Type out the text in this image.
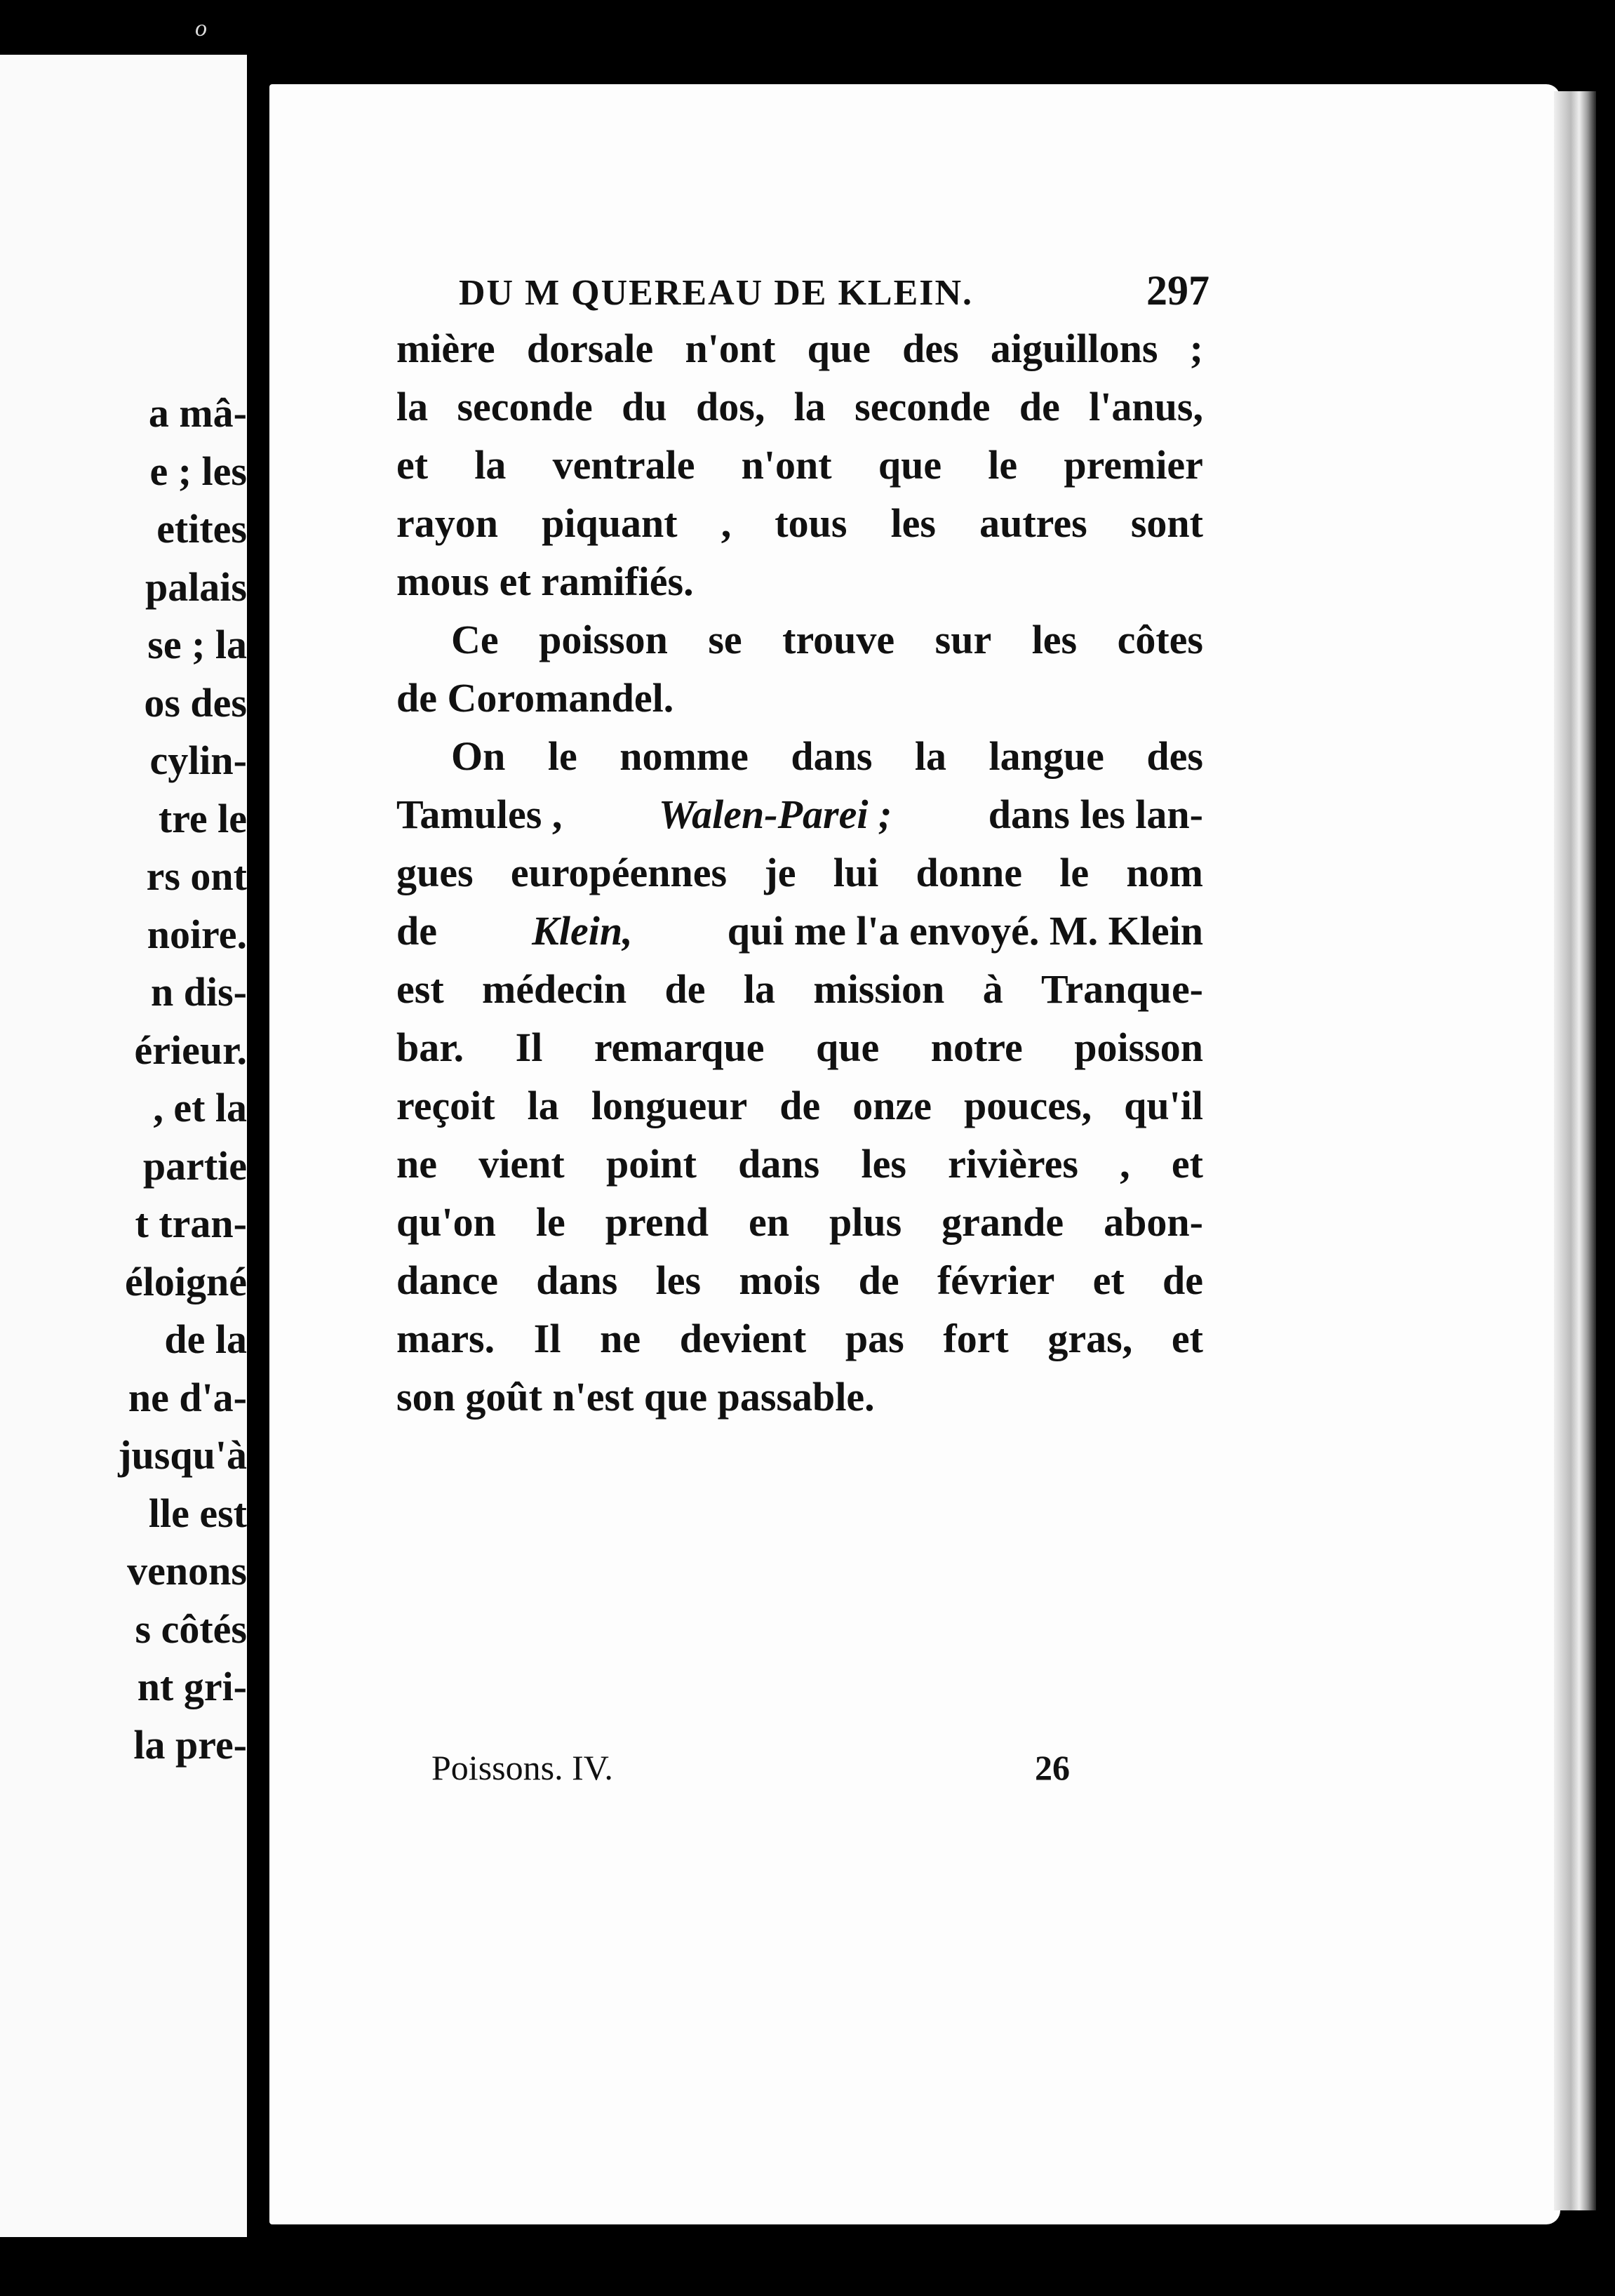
o
a mâ-
e ; les
etites
palais
se ; la
os des
cylin-
tre le
rs ont
noire.
n dis-
érieur.
, et la
partie
t tran-
éloigné
de la
ne d'a-
jusqu'à
lle est
venons
s côtés
nt gri-
la pre-
DU M QUEREAU DE KLEIN.	297
mière dorsale n'ont que des aiguillons ;
la seconde du dos, la seconde de l'anus,
et la ventrale n'ont que le premier
rayon piquant , tous les autres sont
mous et ramifiés.
Ce poisson se trouve sur les côtes
de Coromandel.
On le nomme dans la langue des
Tamules , Walen-Parei ; dans les lan-
gues européennes je lui donne le nom
de Klein, qui me l'a envoyé. M. Klein
est médecin de la mission à Tranque-
bar. Il remarque que notre poisson
reçoit la longueur de onze pouces, qu'il
ne vient point dans les rivières , et
qu'on le prend en plus grande abon-
dance dans les mois de février et de
mars. Il ne devient pas fort gras, et
son goût n'est que passable.
Poissons. IV.	26
